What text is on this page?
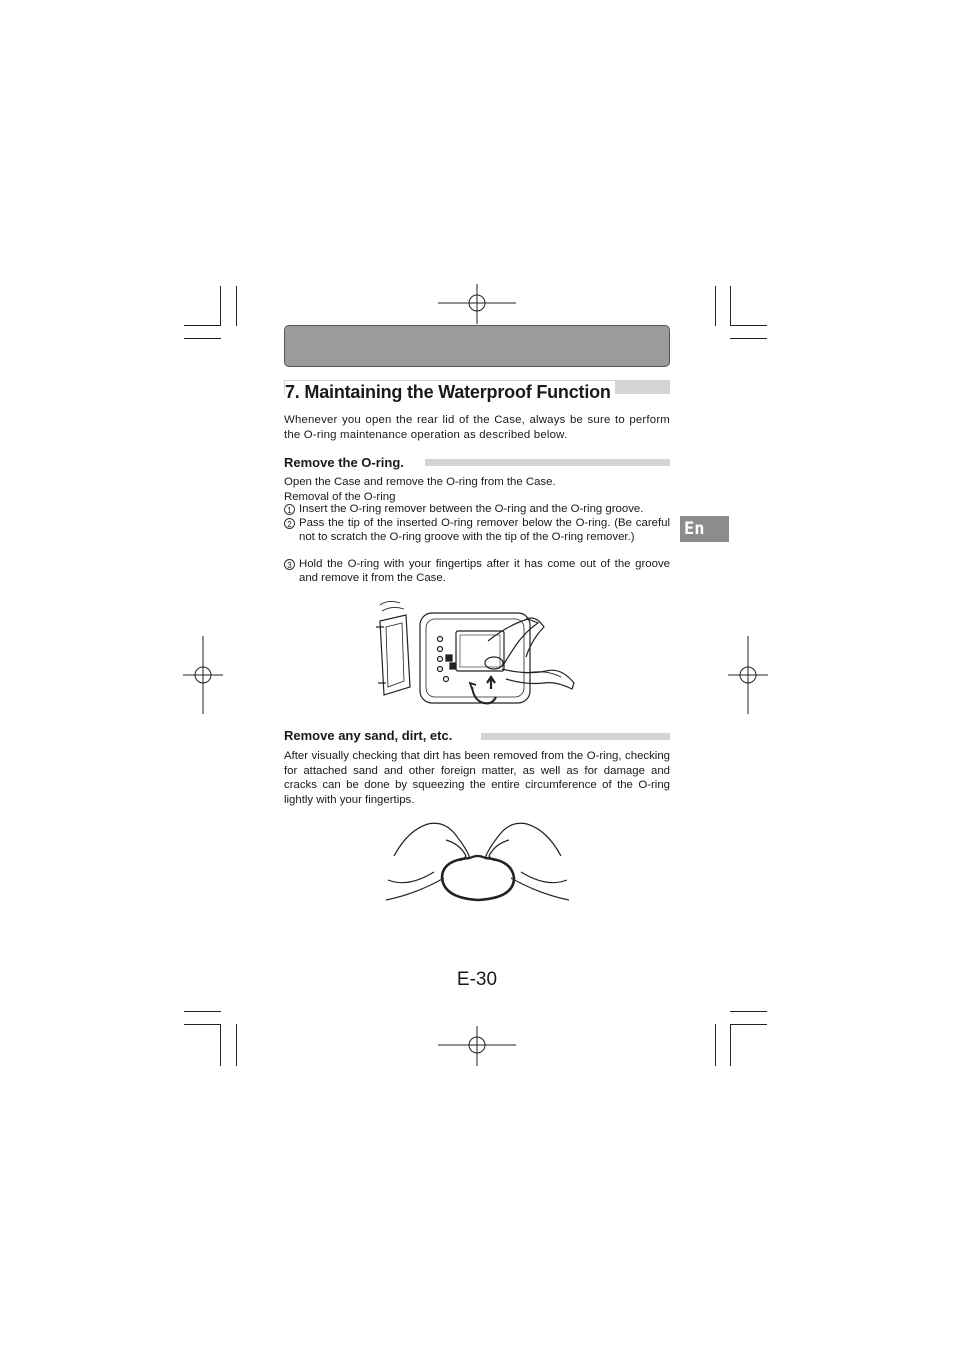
7. Maintaining the Waterproof Function
Whenever you open the rear lid of the Case, always be sure to perform the O-ring maintenance operation as described below.
Remove the O-ring.
Open the Case and remove the O-ring from the Case.
Removal of the O-ring
1 Insert the O-ring remover between the O-ring and the O-ring groove.
2 Pass the tip of the inserted O-ring remover below the O-ring. (Be careful not to scratch the O-ring groove with the tip of the O-ring remover.)
3 Hold the O-ring with your fingertips after it has come out of the groove and remove it from the Case.
En
Remove any sand, dirt, etc.
After visually checking that dirt has been removed from the O-ring, checking for attached sand and other foreign matter, as well as for damage and cracks can be done by squeezing the entire circumference of the O-ring lightly with your fingertips.
E-30
